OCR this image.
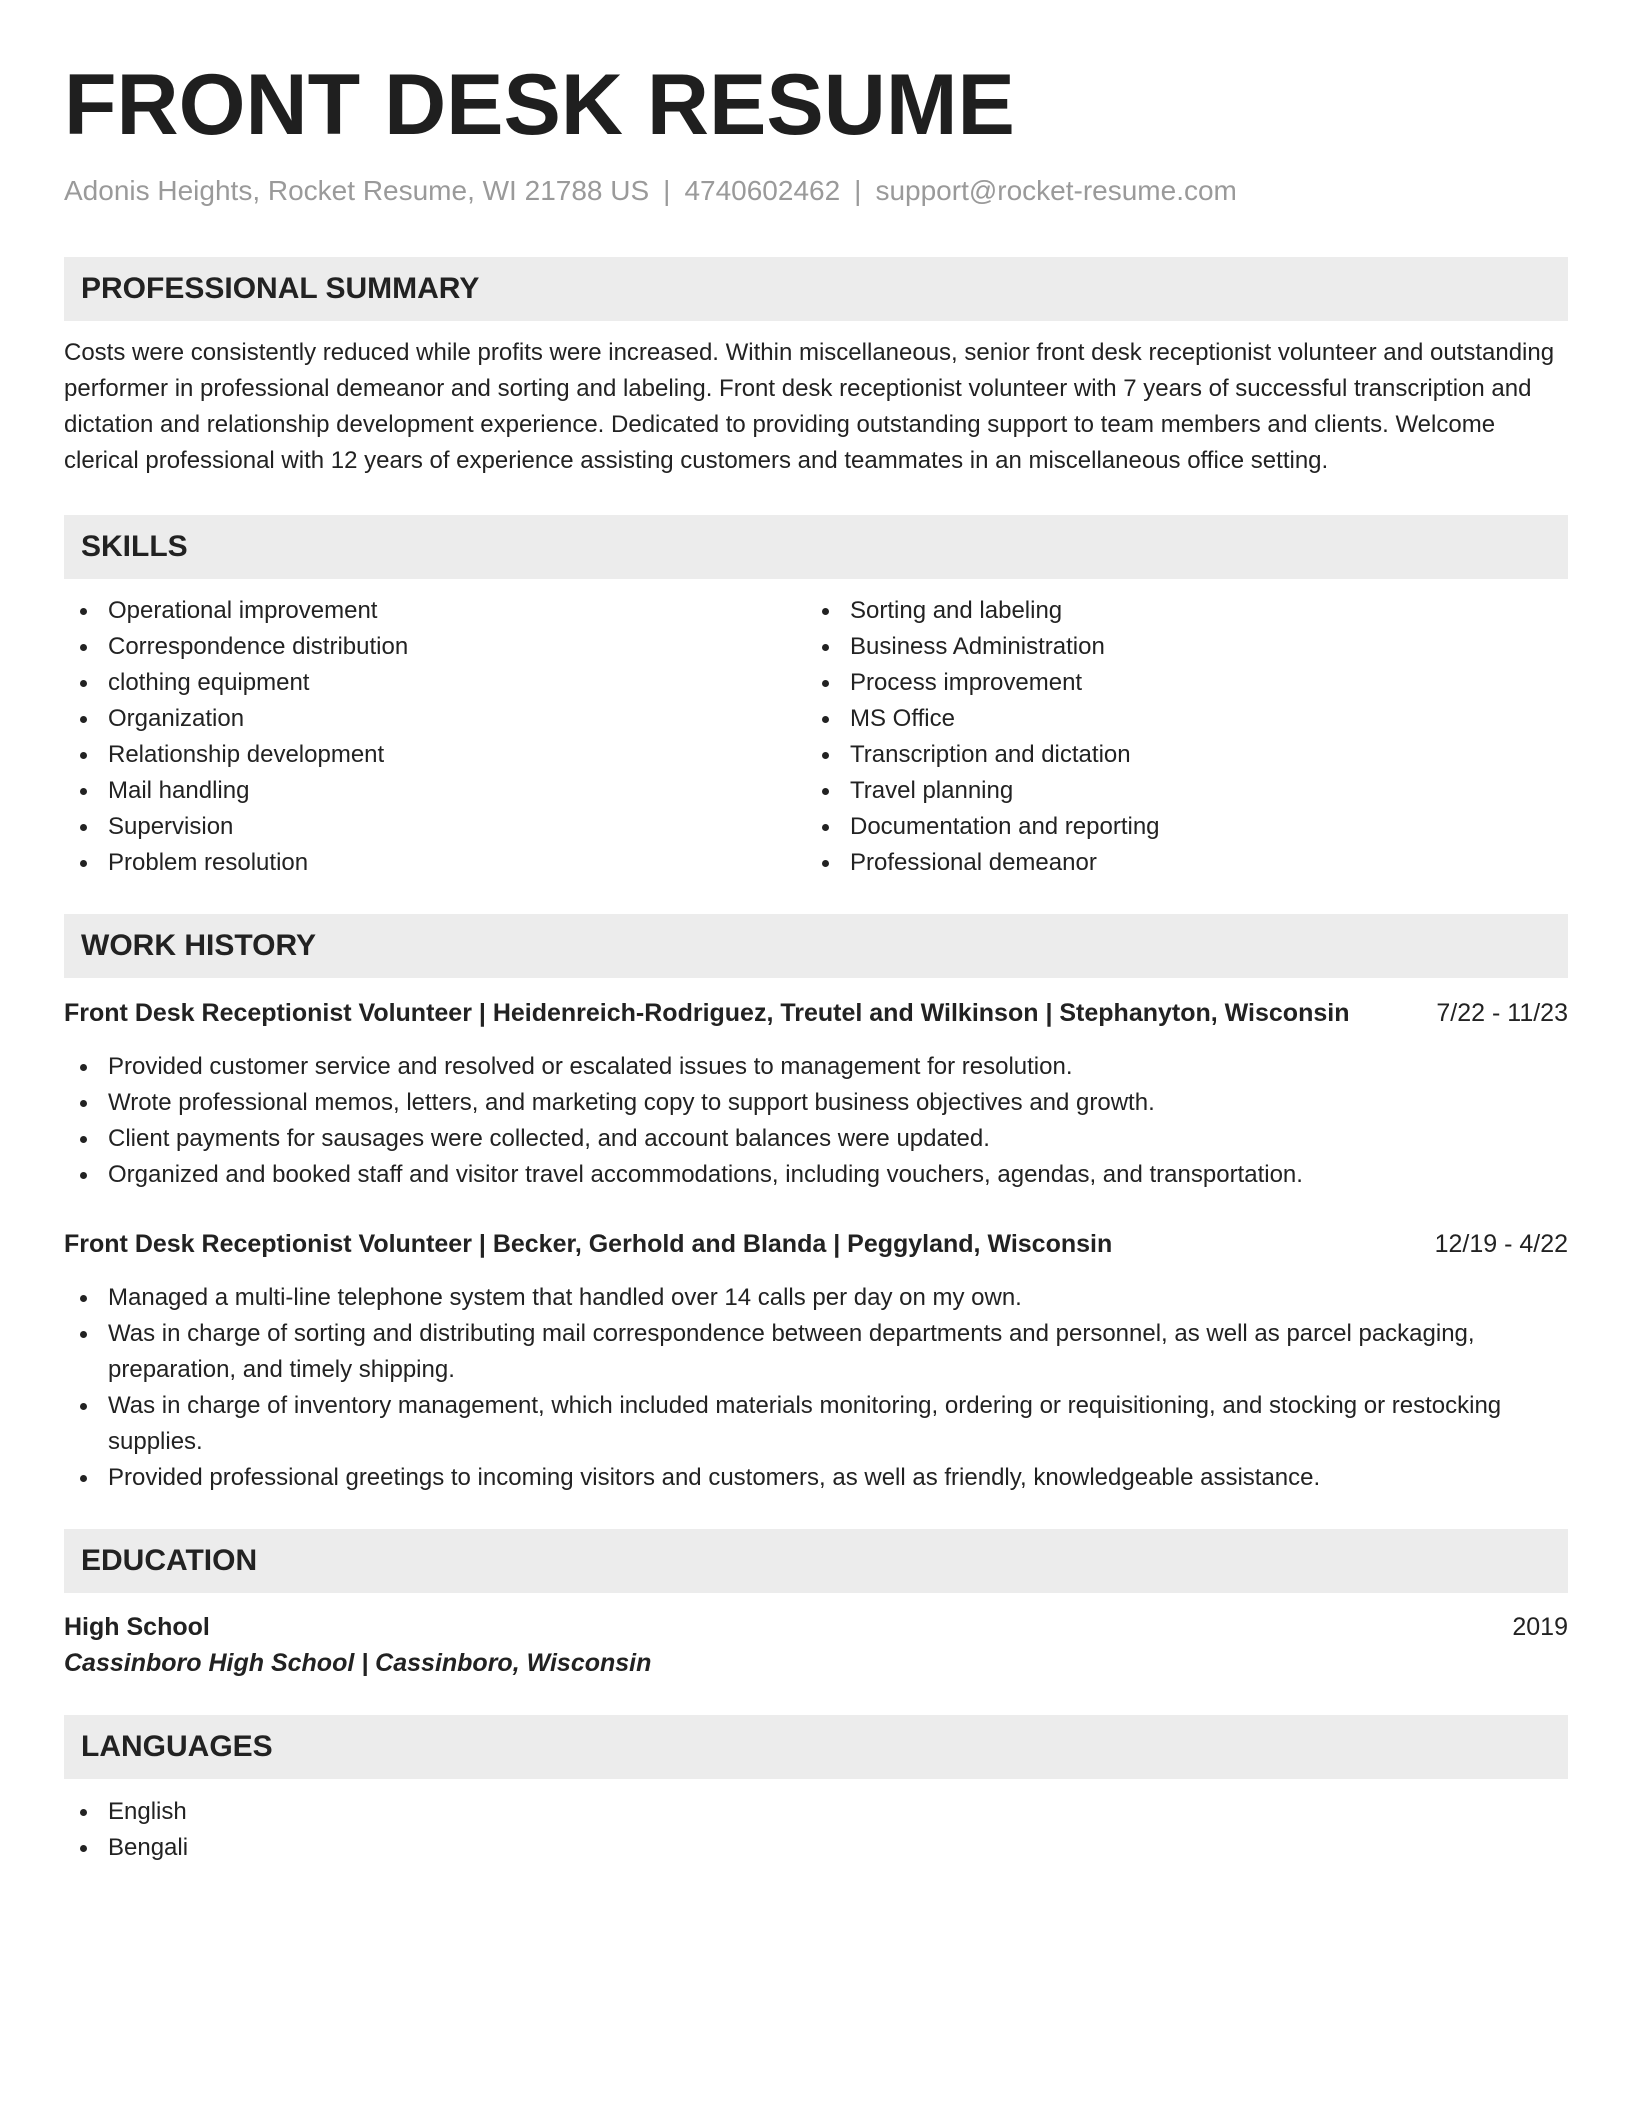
FRONT DESK RESUME
Adonis Heights, Rocket Resume, WI 21788 US | 4740602462 | support@rocket-resume.com
PROFESSIONAL SUMMARY

Costs were consistently reduced while profits were increased. Within miscellaneous, senior front desk receptionist volunteer and outstanding performer in professional demeanor and sorting and labeling. Front desk receptionist volunteer with 7 years of successful transcription and dictation and relationship development experience. Dedicated to providing outstanding support to team members and clients. Welcome clerical professional with 12 years of experience assisting customers and teammates in an miscellaneous office setting.

SKILLS
Operational improvement
Correspondence distribution
clothing equipment
Organization
Relationship development
Mail handling
Supervision
Problem resolution
Sorting and labeling
Business Administration
Process improvement
MS Office
Transcription and dictation
Travel planning
Documentation and reporting
Professional demeanor
WORK HISTORY
Front Desk Receptionist Volunteer | Heidenreich-Rodriguez, Treutel and Wilkinson | Stephanyton, Wisconsin	7/22 - 11/23
Provided customer service and resolved or escalated issues to management for resolution.
Wrote professional memos, letters, and marketing copy to support business objectives and growth.
Client payments for sausages were collected, and account balances were updated.
Organized and booked staff and visitor travel accommodations, including vouchers, agendas, and transportation.
Front Desk Receptionist Volunteer | Becker, Gerhold and Blanda | Peggyland, Wisconsin	12/19 - 4/22
Managed a multi-line telephone system that handled over 14 calls per day on my own.
Was in charge of sorting and distributing mail correspondence between departments and personnel, as well as parcel packaging, preparation, and timely shipping.
Was in charge of inventory management, which included materials monitoring, ordering or requisitioning, and stocking or restocking supplies.
Provided professional greetings to incoming visitors and customers, as well as friendly, knowledgeable assistance.
EDUCATION
High School	2019
Cassinboro High School | Cassinboro, Wisconsin
LANGUAGES
English
Bengali
